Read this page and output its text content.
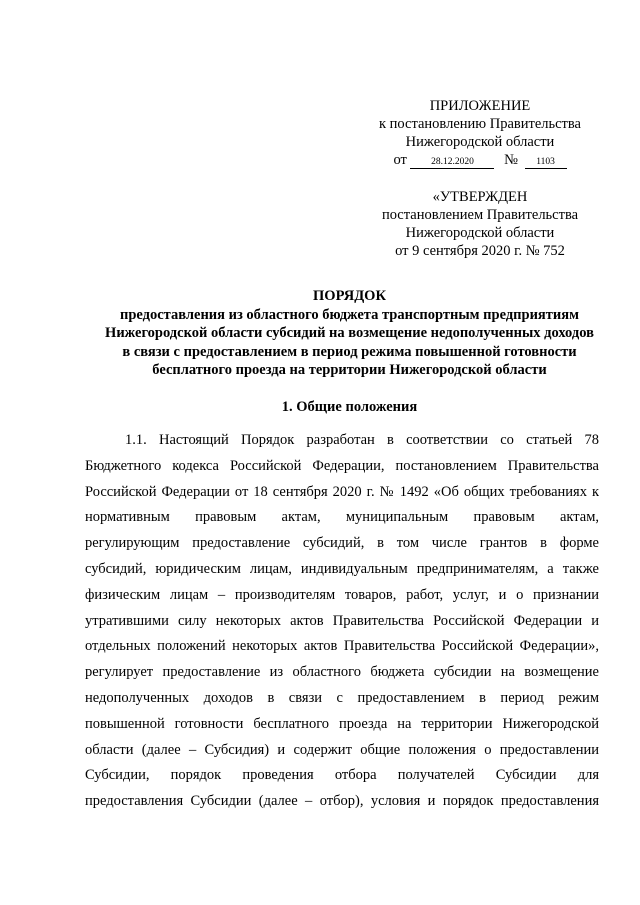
ПРИЛОЖЕНИЕ
к постановлению Правительства
Нижегородской области
от	28.12.2020 № 1103
«УТВЕРЖДЕН
постановлением Правительства
Нижегородской области
от 9 сентября 2020 г. № 752
ПОРЯДОК
предоставления из областного бюджета транспортным предприятиям
Нижегородской области субсидий на возмещение недополученных доходов
в связи с предоставлением в период режима повышенной готовности
бесплатного проезда на территории Нижегородской области
1. Общие положения
1.1. Настоящий Порядок разработан в соответствии со статьей 78
Бюджетного кодекса Российской Федерации, постановлением Правительства
Российской Федерации от 18 сентября 2020 г. № 1492 «Об общих требованиях к
нормативным правовым актам, муниципальным правовым актам,
регулирующим предоставление субсидий, в том числе грантов в форме
субсидий, юридическим лицам, индивидуальным предпринимателям, а также
физическим лицам – производителям товаров, работ, услуг, и о признании
утратившими силу некоторых актов Правительства Российской Федерации и
отдельных положений некоторых актов Правительства Российской Федерации»,
регулирует предоставление из областного бюджета субсидии на возмещение
недополученных доходов в связи с предоставлением в период режим
повышенной готовности бесплатного проезда на территории Нижегородской
области (далее – Субсидия) и содержит общие положения о предоставлении
Субсидии, порядок проведения отбора получателей Субсидии для
предоставления Субсидии (далее – отбор), условия и порядок предоставления
